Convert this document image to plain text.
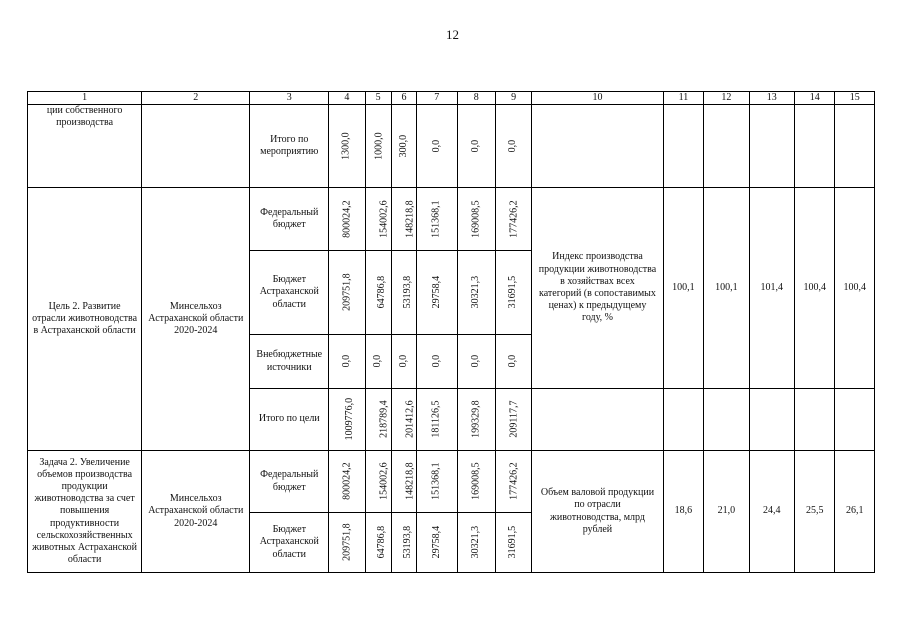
12
1	2	3	4	5	6	7	8	9	10	11	12	13	14	15
ции собственного производства		Итого по мероприятию	1300,0	1000,0	300,0	0,0	0,0	0,0						
Цель 2. Развитие отрасли животноводства в Астраханской области	Минсельхоз Астраханской области 2020-2024	Федеральный бюджет	800024,2	154002,6	148218,8	151368,1	169008,5	177426,2	Индекс производства продукции животноводства в хозяйствах всех категорий (в сопоставимых ценах) к предыдущему году, %	100,1	100,1	101,4	100,4	100,4
		Бюджет Астраханской области	209751,8	64786,8	53193,8	29758,4	30321,3	31691,5						
		Внебюджетные источники	0,0	0,0	0,0	0,0	0,0	0,0						
		Итого по цели	1009776,0	218789,4	201412,6	181126,5	199329,8	209117,7						
Задача 2. Увеличение объемов производства продукции животноводства за счет повышения продуктивности сельскохозяйственных животных Астраханской области	Минсельхоз Астраханской области 2020-2024	Федеральный бюджет	800024,2	154002,6	148218,8	151368,1	169008,5	177426,2	Объем валовой продукции по отрасли животноводства, млрд рублей	18,6	21,0	24,4	25,5	26,1
		Бюджет Астраханской области	209751,8	64786,8	53193,8	29758,4	30321,3	31691,5						
